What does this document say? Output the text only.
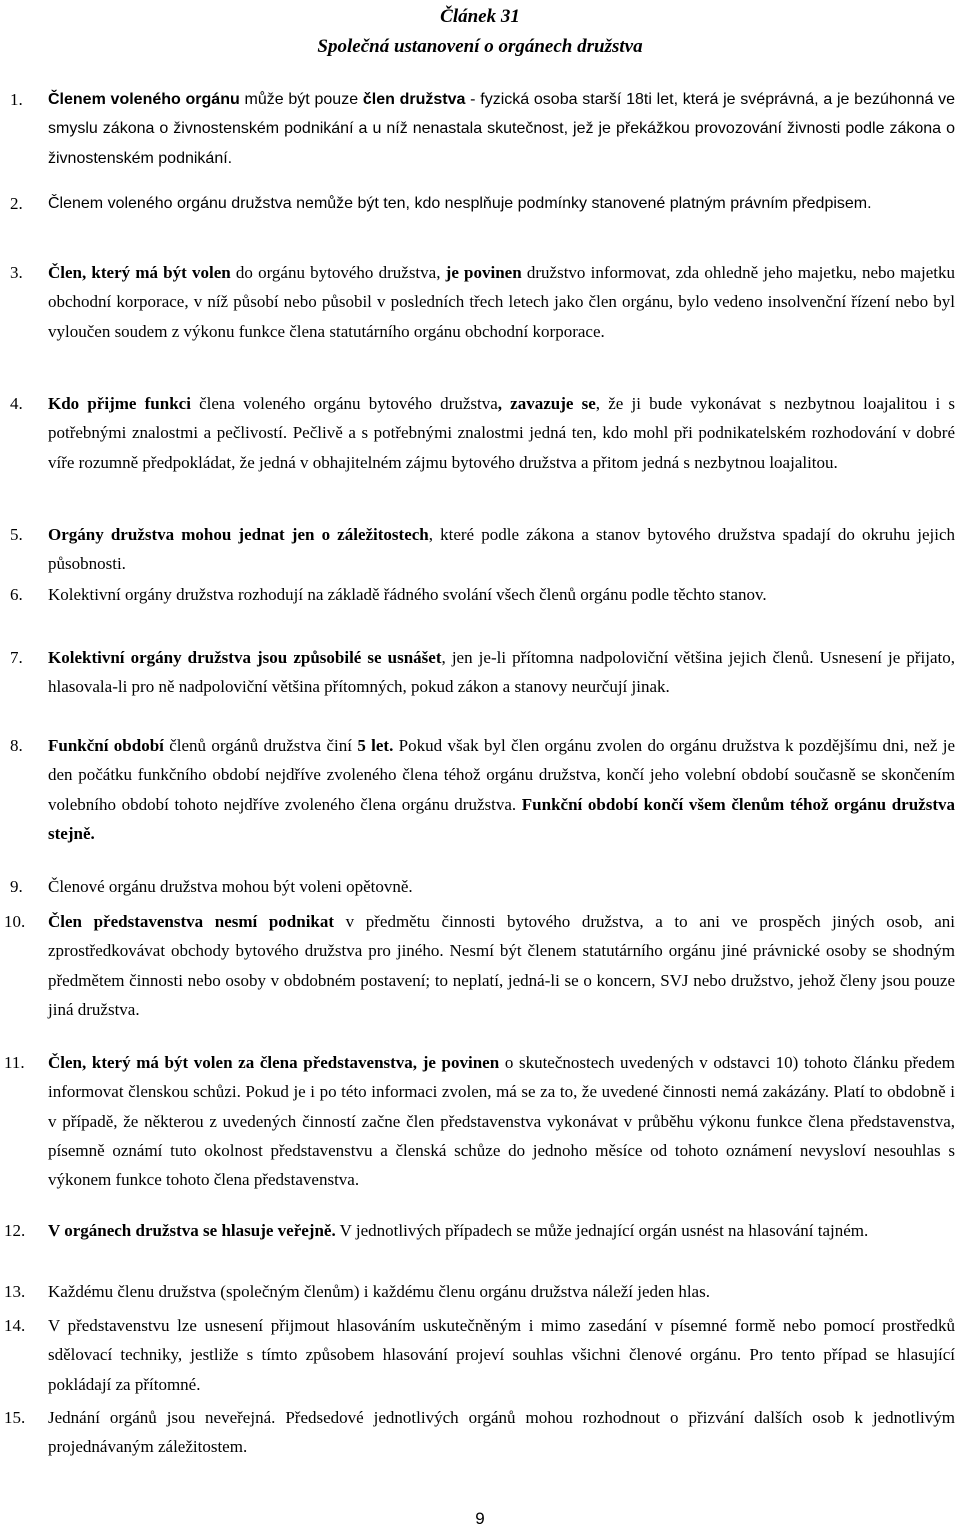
Článek 31
Společná ustanovení o orgánech družstva
1. Členem voleného orgánu může být pouze člen družstva - fyzická osoba starší 18ti let, která je svéprávná, a je bezúhonná ve smyslu zákona o živnostenském podnikání a u níž nenastala skutečnost, jež je překážkou provozování živnosti podle zákona o živnostenském podnikání.
2. Členem voleného orgánu družstva nemůže být ten, kdo nesplňuje podmínky stanovené platným právním předpisem.
3. Člen, který má být volen do orgánu bytového družstva, je povinen družstvo informovat, zda ohledně jeho majetku, nebo majetku obchodní korporace, v níž působí nebo působil v posledních třech letech jako člen orgánu, bylo vedeno insolvenční řízení nebo byl vyloučen soudem z výkonu funkce člena statutárního orgánu obchodní korporace.
4. Kdo přijme funkci člena voleného orgánu bytového družstva, zavazuje se, že ji bude vykonávat s nezbytnou loajalitou i s potřebnými znalostmi a pečlivostí. Pečlivě a s potřebnými znalostmi jedná ten, kdo mohl při podnikatelském rozhodování v dobré víře rozumně předpokládat, že jedná v obhajitelném zájmu bytového družstva a přitom jedná s nezbytnou loajalitou.
5. Orgány družstva mohou jednat jen o záležitostech, které podle zákona a stanov bytového družstva spadají do okruhu jejich působnosti.
6. Kolektivní orgány družstva rozhodují na základě řádného svolání všech členů orgánu podle těchto stanov.
7. Kolektivní orgány družstva jsou způsobilé se usnášet, jen je-li přítomna nadpoloviční většina jejich členů. Usnesení je přijato, hlasovala-li pro ně nadpoloviční většina přítomných, pokud zákon a stanovy neurčují jinak.
8. Funkční období členů orgánů družstva činí 5 let. Pokud však byl člen orgánu zvolen do orgánu družstva k pozdějšímu dni, než je den počátku funkčního období nejdříve zvoleného člena téhož orgánu družstva, končí jeho volební období současně se skončením volebního období tohoto nejdříve zvoleného člena orgánu družstva. Funkční období končí všem členům téhož orgánu družstva stejně.
9. Členové orgánu družstva mohou být voleni opětovně.
10. Člen představenstva nesmí podnikat v předmětu činnosti bytového družstva, a to ani ve prospěch jiných osob, ani zprostředkovávat obchody bytového družstva pro jiného. Nesmí být členem statutárního orgánu jiné právnické osoby se shodným předmětem činnosti nebo osoby v obdobném postavení; to neplatí, jedná-li se o koncern, SVJ nebo družstvo, jehož členy jsou pouze jiná družstva.
11. Člen, který má být volen za člena představenstva, je povinen o skutečnostech uvedených v odstavci 10) tohoto článku předem informovat členskou schůzi. Pokud je i po této informaci zvolen, má se za to, že uvedené činnosti nemá zakázány. Platí to obdobně i v případě, že některou z uvedených činností začne člen představenstva vykonávat v průběhu výkonu funkce člena představenstva, písemně oznámí tuto okolnost představenstvu a členská schůze do jednoho měsíce od tohoto oznámení nevysloví nesouhlas s výkonem funkce tohoto člena představenstva.
12. V orgánech družstva se hlasuje veřejně. V jednotlivých případech se může jednající orgán usnést na hlasování tajném.
13. Každému členu družstva (společným členům) i každému členu orgánu družstva náleží jeden hlas.
14. V představenstvu lze usnesení přijmout hlasováním uskutečněným i mimo zasedání v písemné formě nebo pomocí prostředků sdělovací techniky, jestliže s tímto způsobem hlasování projeví souhlas všichni členové orgánu. Pro tento případ se hlasující pokládají za přítomné.
15. Jednání orgánů jsou neveřejná. Předsedové jednotlivých orgánů mohou rozhodnout o přizvání dalších osob k jednotlivým projednávaným záležitostem.
9
